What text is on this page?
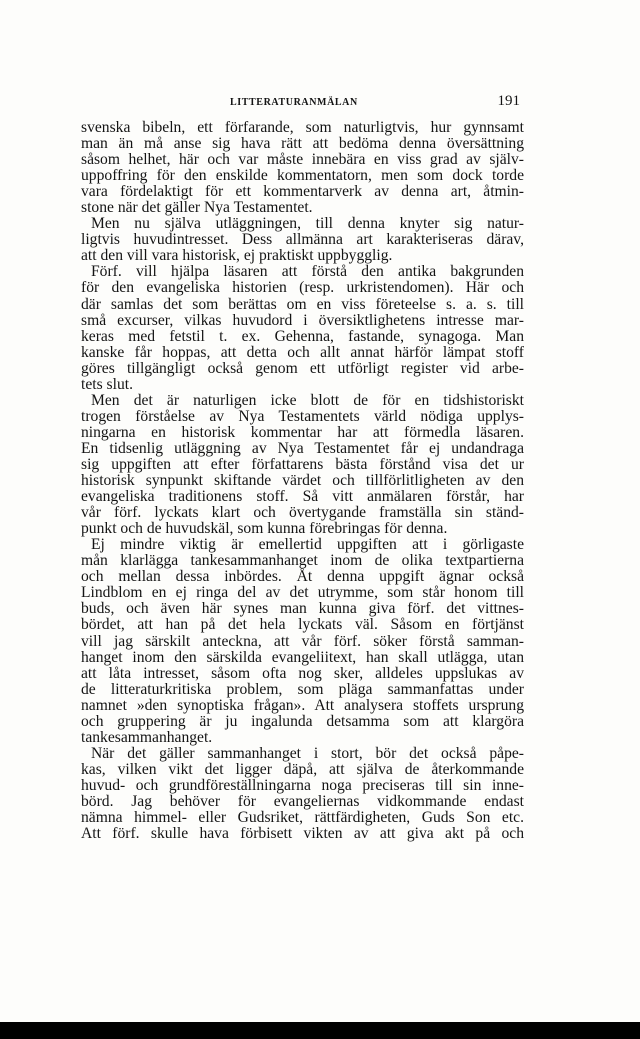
LITTERATURANMÄLAN	191
svenska bibeln, ett förfarande, som naturligtvis, hur gynnsamt
man än må anse sig hava rätt att bedöma denna översättning
såsom helhet, här och var måste innebära en viss grad av själv-
uppoffring för den enskilde kommentatorn, men som dock torde
vara fördelaktigt för ett kommentarverk av denna art, åtmin-
stone när det gäller Nya Testamentet.
Men nu själva utläggningen, till denna knyter sig natur-
ligtvis huvudintresset. Dess allmänna art karakteriseras därav,
att den vill vara historisk, ej praktiskt uppbygglig.
Förf. vill hjälpa läsaren att förstå den antika bakgrunden
för den evangeliska historien (resp. urkristendomen). Här och
där samlas det som berättas om en viss företeelse s. a. s. till
små excurser, vilkas huvudord i översiktlighetens intresse mar-
keras med fetstil t. ex. Gehenna, fastande, synagoga. Man
kanske får hoppas, att detta och allt annat härför lämpat stoff
göres tillgängligt också genom ett utförligt register vid arbe-
tets slut.
Men det är naturligen icke blott de för en tidshistoriskt
trogen förståelse av Nya Testamentets värld nödiga upplys-
ningarna en historisk kommentar har att förmedla läsaren.
En tidsenlig utläggning av Nya Testamentet får ej undandraga
sig uppgiften att efter författarens bästa förstånd visa det ur
historisk synpunkt skiftande värdet och tillförlitligheten av den
evangeliska traditionens stoff. Så vitt anmälaren förstår, har
vår förf. lyckats klart och övertygande framställa sin ständ-
punkt och de huvudskäl, som kunna förebringas för denna.
Ej mindre viktig är emellertid uppgiften att i görligaste
mån klarlägga tankesammanhanget inom de olika textpartierna
och mellan dessa inbördes. Åt denna uppgift ägnar också
Lindblom en ej ringa del av det utrymme, som står honom till
buds, och även här synes man kunna giva förf. det vittnes-
bördet, att han på det hela lyckats väl. Såsom en förtjänst
vill jag särskilt anteckna, att vår förf. söker förstå samman-
hanget inom den särskilda evangeliitext, han skall utlägga, utan
att låta intresset, såsom ofta nog sker, alldeles uppslukas av
de litteraturkritiska problem, som pläga sammanfattas under
namnet »den synoptiska frågan». Att analysera stoffets ursprung
och gruppering är ju ingalunda detsamma som att klargöra
tankesammanhanget.
När det gäller sammanhanget i stort, bör det också påpe-
kas, vilken vikt det ligger däpå, att själva de återkommande
huvud- och grundföreställningarna noga preciseras till sin inne-
börd. Jag behöver för evangeliernas vidkommande endast
nämna himmel- eller Gudsriket, rättfärdigheten, Guds Son etc.
Att förf. skulle hava förbisett vikten av att giva akt på och
